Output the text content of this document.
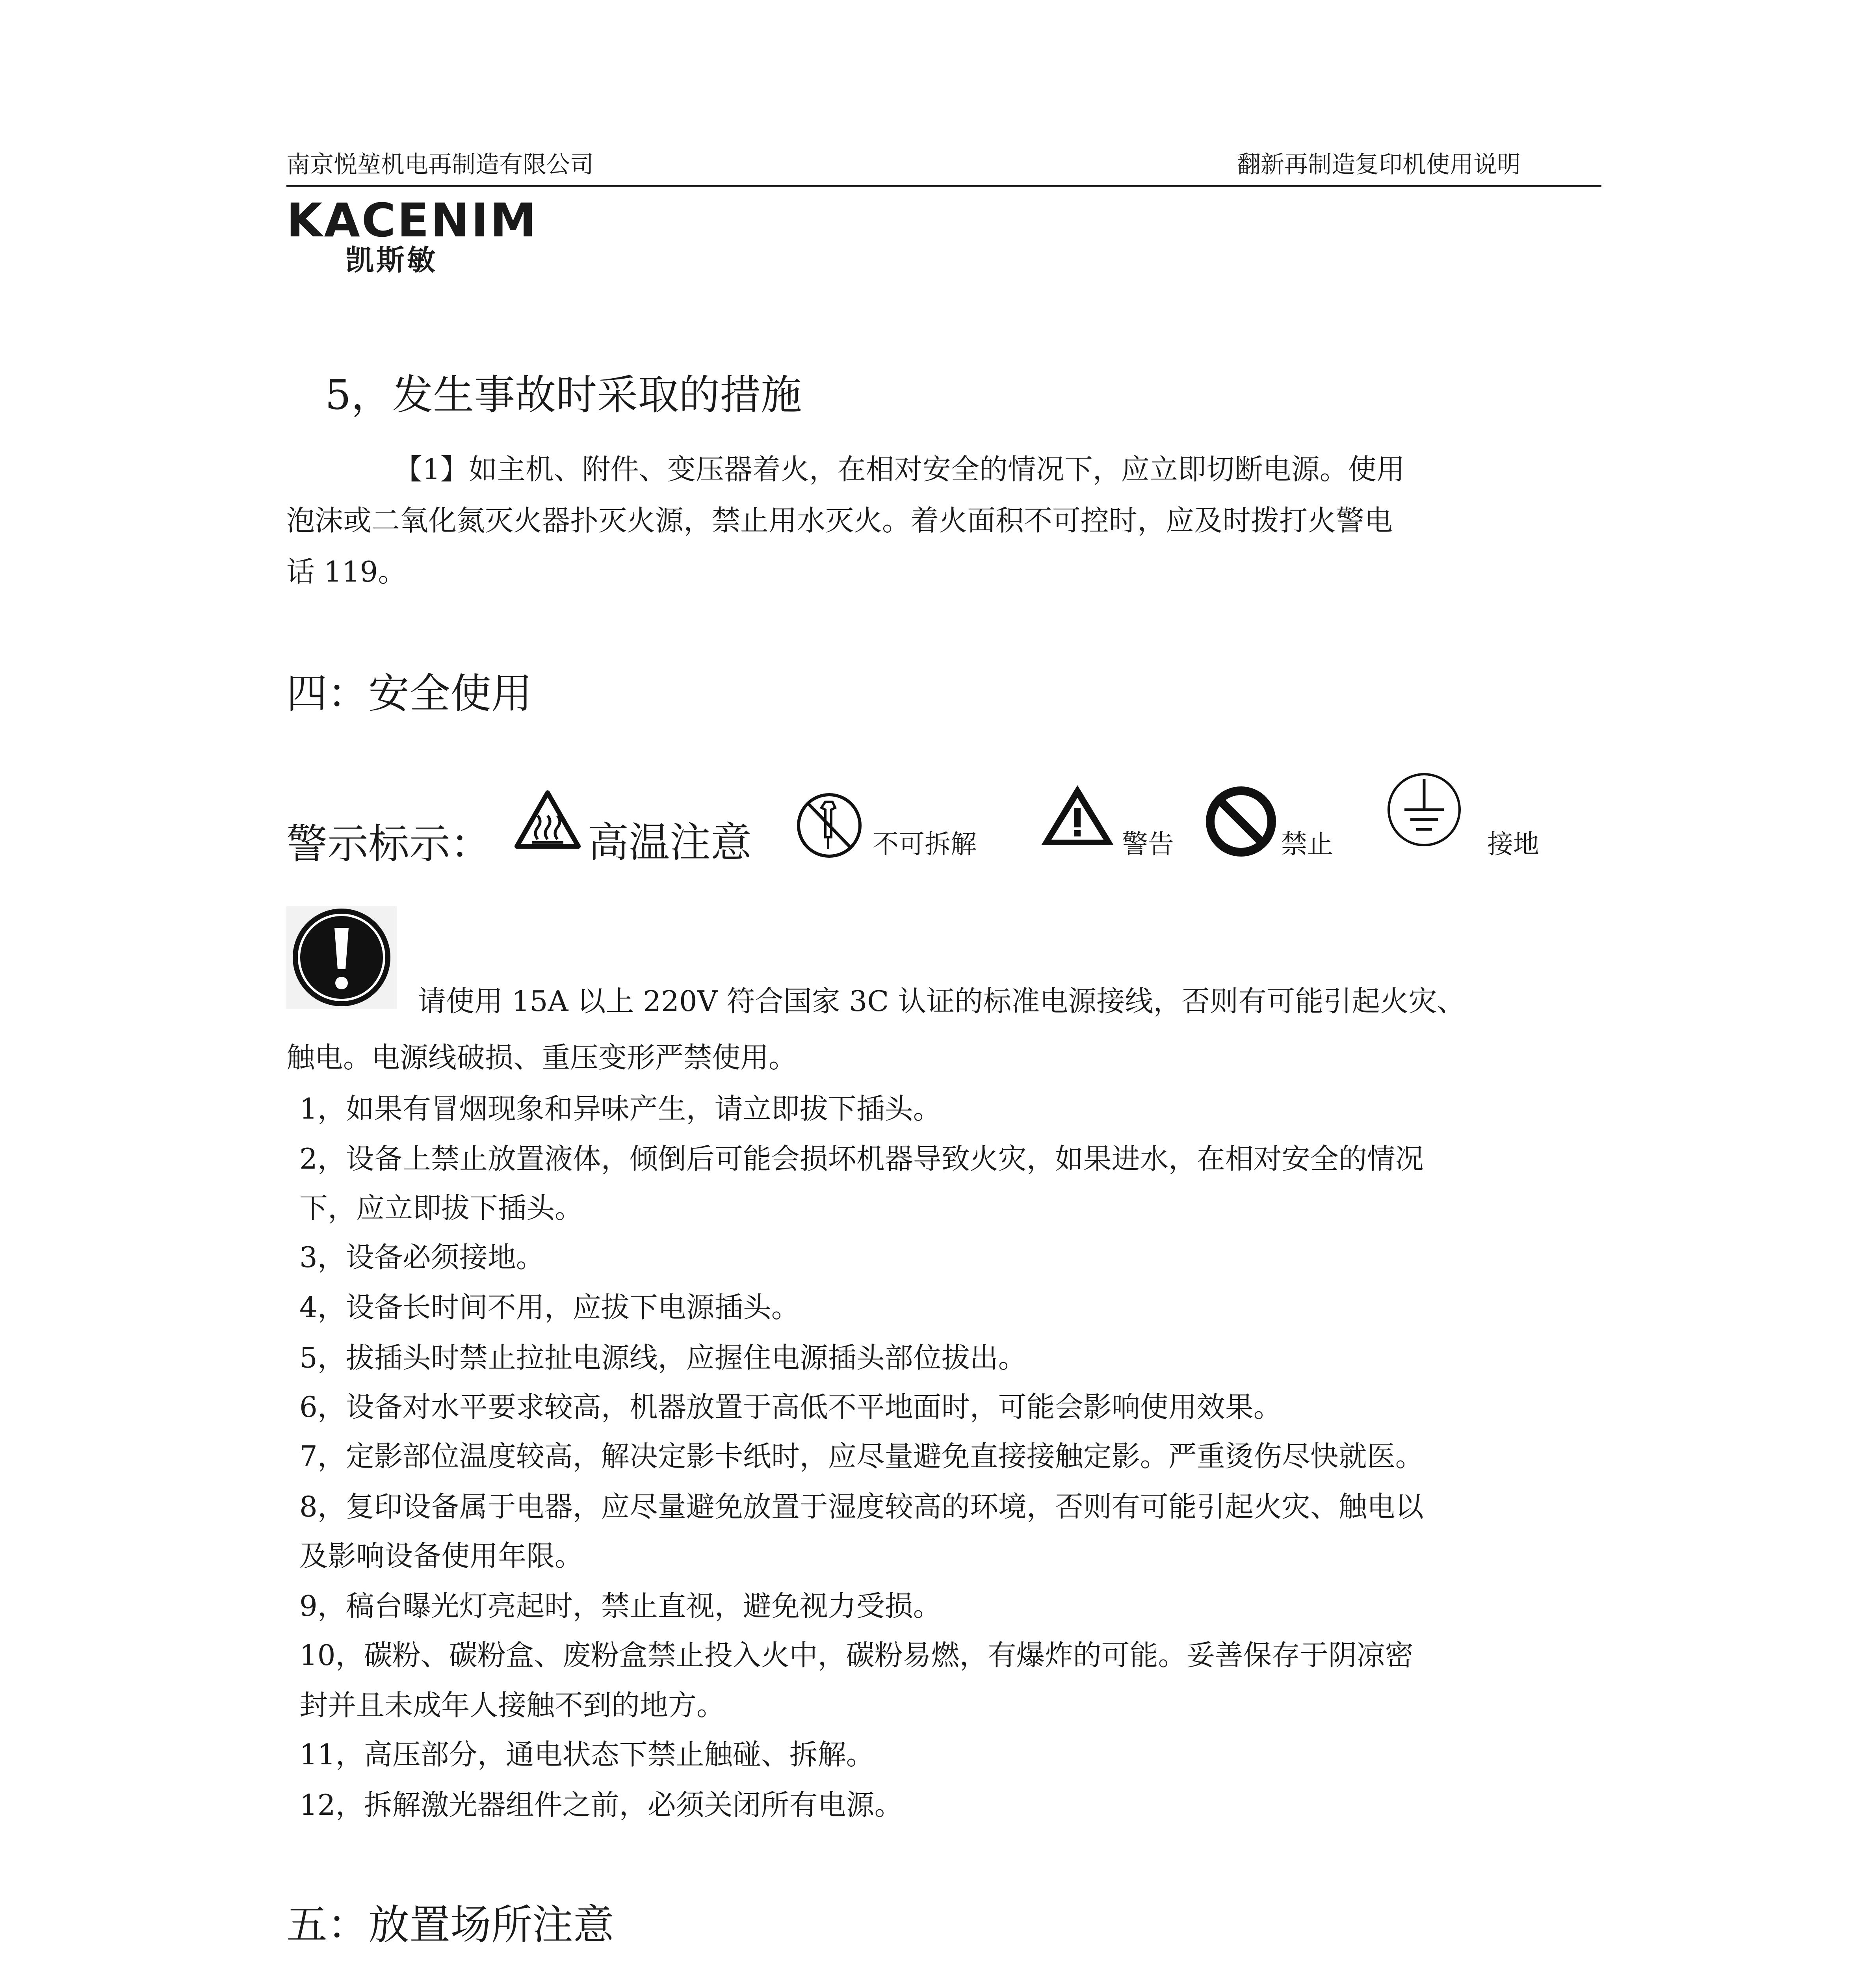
南京悦堃机电再制造有限公司	翻新再制造复印机使用说明
KACENIM
凯斯敏
5，发生事故时采取的措施
【1】如主机、附件、变压器着火，在相对安全的情况下，应立即切断电源。使用
泡沫或二氧化氮灭火器扑灭火源，禁止用水灭火。着火面积不可控时，应及时拨打火警电
话 119。
四：安全使用
警示标示： 高温注意	不可拆解	警告	禁止	接地
请使用 15A 以上 220V 符合国家 3C 认证的标准电源接线，否则有可能引起火灾、
触电。电源线破损、重压变形严禁使用。
1，如果有冒烟现象和异味产生，请立即拔下插头。
2，设备上禁止放置液体，倾倒后可能会损坏机器导致火灾，如果进水，在相对安全的情况
下，应立即拔下插头。
3，设备必须接地。
4，设备长时间不用，应拔下电源插头。
5，拔插头时禁止拉扯电源线，应握住电源插头部位拔出。
6，设备对水平要求较高，机器放置于高低不平地面时，可能会影响使用效果。
7，定影部位温度较高，解决定影卡纸时，应尽量避免直接接触定影。严重烫伤尽快就医。
8，复印设备属于电器，应尽量避免放置于湿度较高的环境，否则有可能引起火灾、触电以
及影响设备使用年限。
9，稿台曝光灯亮起时，禁止直视，避免视力受损。
10，碳粉、碳粉盒、废粉盒禁止投入火中，碳粉易燃，有爆炸的可能。妥善保存于阴凉密
封并且未成年人接触不到的地方。
11，高压部分，通电状态下禁止触碰、拆解。
12，拆解激光器组件之前，必须关闭所有电源。
五：放置场所注意
